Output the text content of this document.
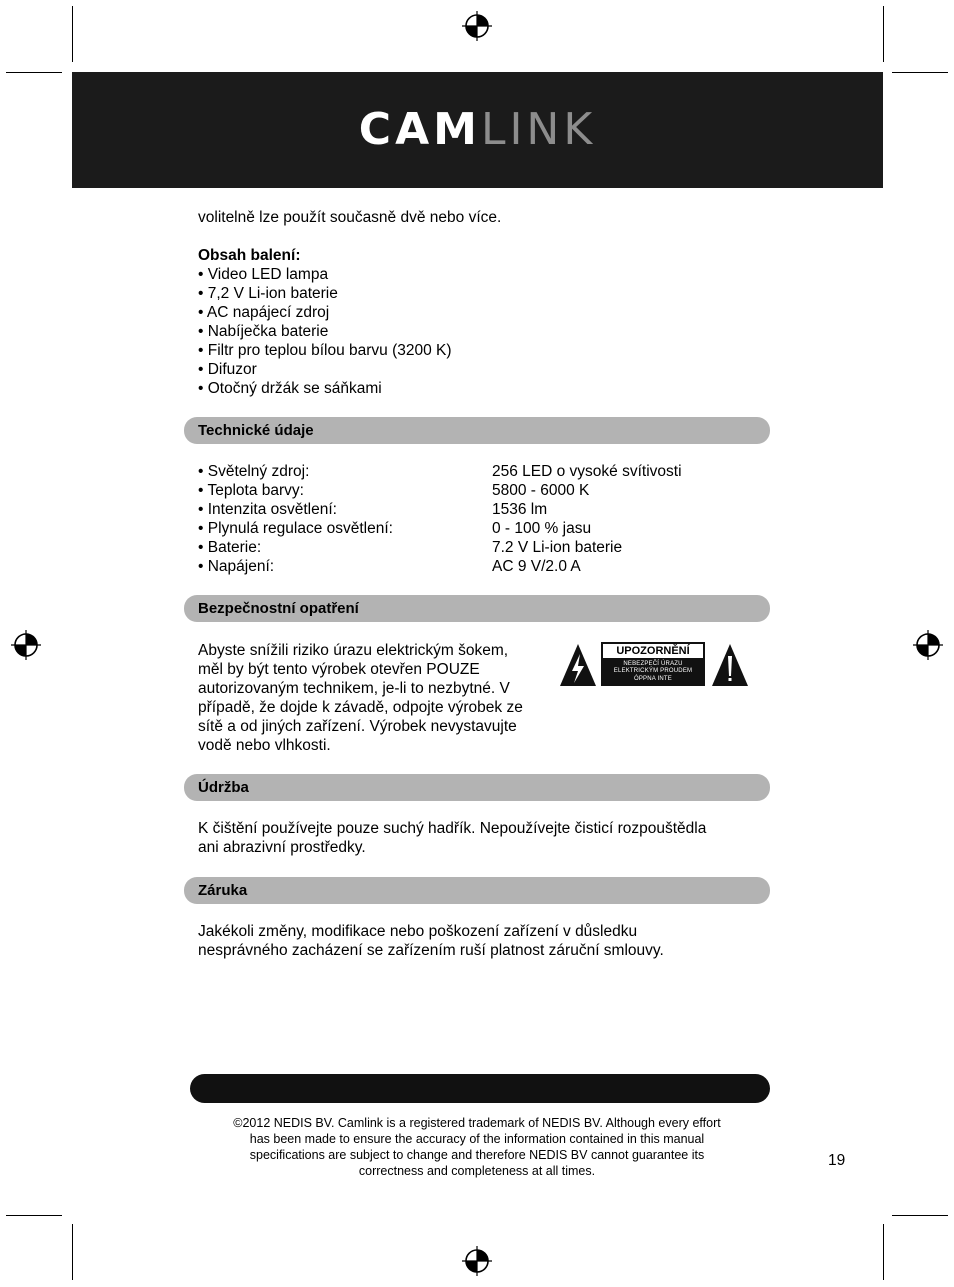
CAMLINK
volitelně lze použít současně dvě nebo více.
Obsah balení:
• Video LED lampa
• 7,2 V Li-ion baterie
• AC napájecí zdroj
• Nabíječka baterie
• Filtr pro teplou bílou barvu (3200 K)
• Difuzor
• Otočný držák se sáňkami
Technické údaje
• Světelný zdroj:	256 LED o vysoké svítivosti
• Teplota barvy:	5800 - 6000 K
• Intenzita osvětlení:	1536 lm
• Plynulá regulace osvětlení:	0 - 100 % jasu
• Baterie:	7.2 V Li-ion baterie
• Napájení:	AC 9 V/2.0 A
Bezpečnostní opatření
Abyste snížili riziko úrazu elektrickým šokem,
měl by být tento výrobek otevřen POUZE
autorizovaným technikem, je-li to nezbytné. V
případě, že dojde k závadě, odpojte výrobek ze
sítě a od jiných zařízení. Výrobek nevystavujte
vodě nebo vlhkosti.
UPOZORNĚNÍ
NEBEZPEČÍ ÚRAZU
ELEKTRICKÝM PROUDEM
ÓPPNA INTE
Údržba
K čištění používejte pouze suchý hadřík. Nepoužívejte čisticí rozpouštědla
ani abrazivní prostředky.
Záruka
Jakékoli změny, modifikace nebo poškození zařízení v důsledku
nesprávného zacházení se zařízením ruší platnost záruční smlouvy.
©2012 NEDIS BV. Camlink is a registered trademark of NEDIS BV. Although every effort
has been made to ensure the accuracy of the information contained in this manual
specifications are subject to change and therefore NEDIS BV cannot guarantee its
correctness and completeness at all times.
19
